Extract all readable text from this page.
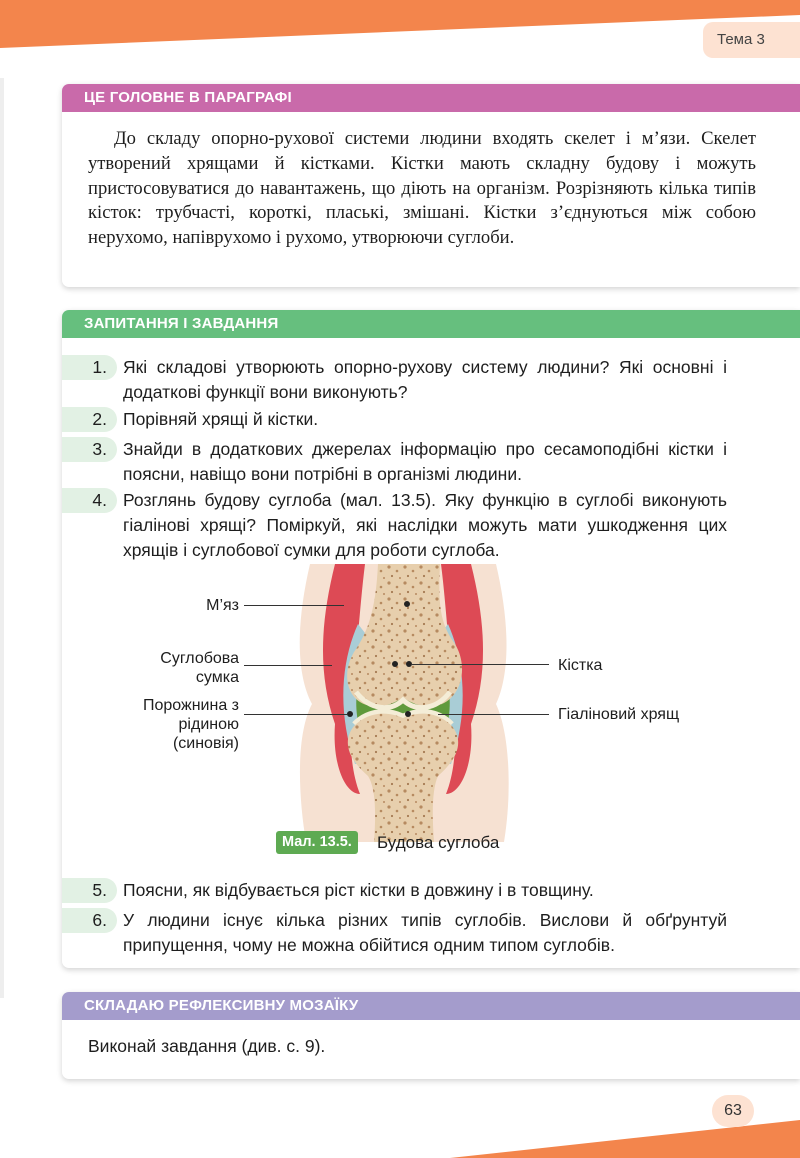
Тема 3
ЦЕ ГОЛОВНЕ В ПАРАГРАФІ

До складу опорно-рухової системи людини входять скелет і м’язи. Скелет утворений хрящами й кістками. Кістки мають складну будову і можуть пристосовуватися до навантажень, що діють на організм. Розрізняють кілька типів кісток: трубчасті, короткі, плаські, змішані. Кістки з’єднуються між собою нерухомо, напіврухомо і рухомо, утворюючи суглоби.

ЗАПИТАННЯ І ЗАВДАННЯ
1. Які складові утворюють опорно-рухову систему людини? Які основні і додаткові функції вони виконують?
2. Порівняй хрящі й кістки.
3. Знайди в додаткових джерелах інформацію про сесамоподібні кістки і поясни, навіщо вони потрібні в організмі людини.
4. Розглянь будову суглоба (мал. 13.5). Яку функцію в суглобі виконують гіалінові хрящі? Поміркуй, які наслідки можуть мати ушкодження цих хрящів і суглобової сумки для роботи суглоба.
М’яз
Суглобова сумка
Порожнина з рідиною (синовія)
Кістка
Гіаліновий хрящ
Мал. 13.5.	Будова суглоба
5. Поясни, як відбувається ріст кістки в довжину і в товщину.
6. У людини існує кілька різних типів суглобів. Вислови й обґрунтуй припущення, чому не можна обійтися одним типом суглобів.
СКЛАДАЮ РЕФЛЕКСИВНУ МОЗАЇКУ
Виконай завдання (див. с. 9).
63
